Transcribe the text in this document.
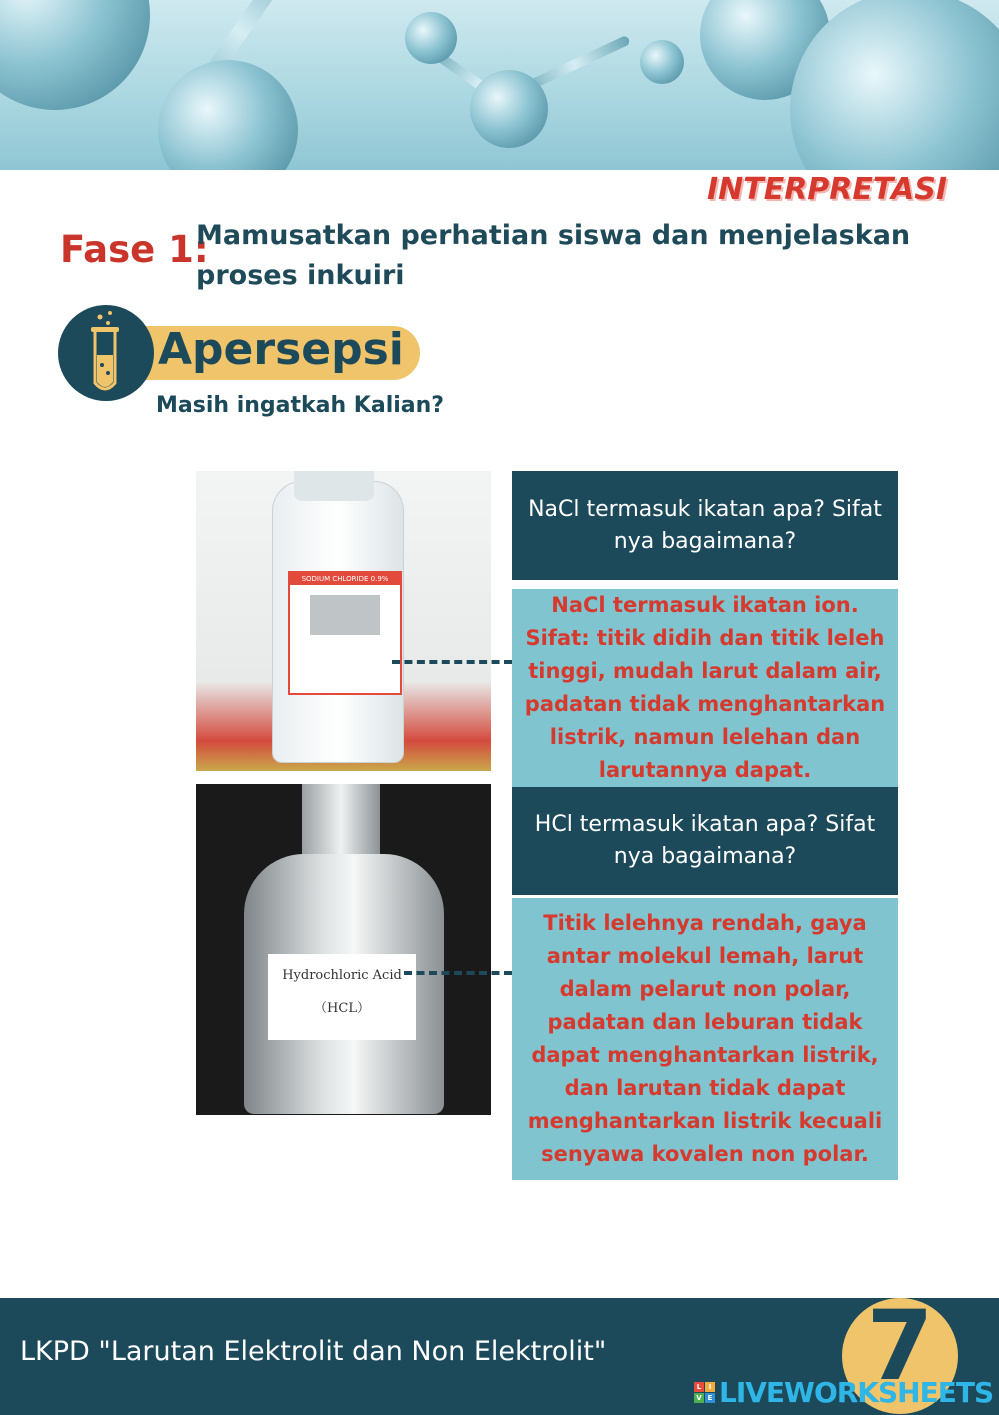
INTERPRETASI
Fase 1:
Mamusatkan perhatian siswa dan menjelaskan proses inkuiri
Apersepsi
Masih ingatkah Kalian?
SODIUM CHLORIDE 0.9%
NaCl termasuk ikatan apa? Sifat nya bagaimana?
NaCl termasuk ikatan ion. Sifat: titik didih dan titik leleh tinggi, mudah larut dalam air, padatan tidak menghantarkan listrik, namun lelehan dan larutannya dapat.
Hydrochloric Acid
（HCL）
HCl termasuk ikatan apa? Sifat nya bagaimana?
Titik lelehnya rendah, gaya antar molekul lemah, larut dalam pelarut non polar, padatan dan leburan tidak dapat menghantarkan listrik, dan larutan tidak dapat menghantarkan listrik kecuali senyawa kovalen non polar.
LKPD "Larutan Elektrolit dan Non Elektrolit"	7
L	I
V E LIVEWORKSHEETS
